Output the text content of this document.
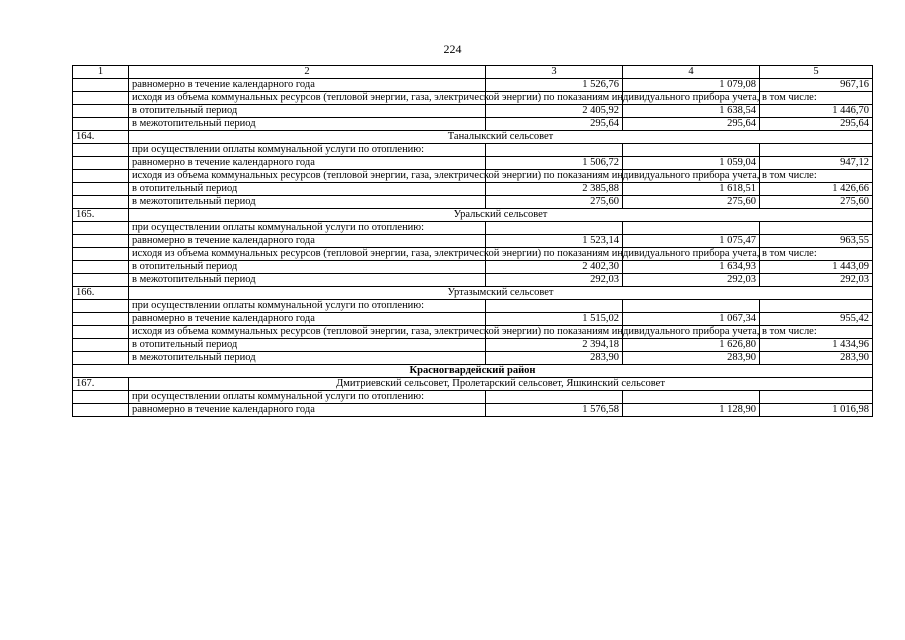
224
1	2	3	4	5
	равномерно в течение календарного года	1 526,76	1 079,08	967,16
	исходя из объема коммунальных ресурсов (тепловой энергии, газа, электрической энергии) по показаниям индивидуального прибора учета, в том числе:			
	в отопительный период	2 405,92	1 638,54	1 446,70
	в межотопительный период	295,64	295,64	295,64
164.	Таналыкский сельсовет			
	при осуществлении оплаты коммунальной услуги по отоплению:			
	равномерно в течение календарного года	1 506,72	1 059,04	947,12
	исходя из объема коммунальных ресурсов (тепловой энергии, газа, электрической энергии) по показаниям индивидуального прибора учета, в том числе:			
	в отопительный период	2 385,88	1 618,51	1 426,66
	в межотопительный период	275,60	275,60	275,60
165.	Уральский сельсовет			
	при осуществлении оплаты коммунальной услуги по отоплению:			
	равномерно в течение календарного года	1 523,14	1 075,47	963,55
	исходя из объема коммунальных ресурсов (тепловой энергии, газа, электрической энергии) по показаниям индивидуального прибора учета, в том числе:			
	в отопительный период	2 402,30	1 634,93	1 443,09
	в межотопительный период	292,03	292,03	292,03
166.	Уртазымский сельсовет			
	при осуществлении оплаты коммунальной услуги по отоплению:			
	равномерно в течение календарного года	1 515,02	1 067,34	955,42
	исходя из объема коммунальных ресурсов (тепловой энергии, газа, электрической энергии) по показаниям индивидуального прибора учета, в том числе:			
	в отопительный период	2 394,18	1 626,80	1 434,96
	в межотопительный период	283,90	283,90	283,90
Красногвардейский район				
167.	Дмитриевский сельсовет, Пролетарский сельсовет, Яшкинский сельсовет			
	при осуществлении оплаты коммунальной услуги по отоплению:			
	равномерно в течение календарного года	1 576,58	1 128,90	1 016,98
